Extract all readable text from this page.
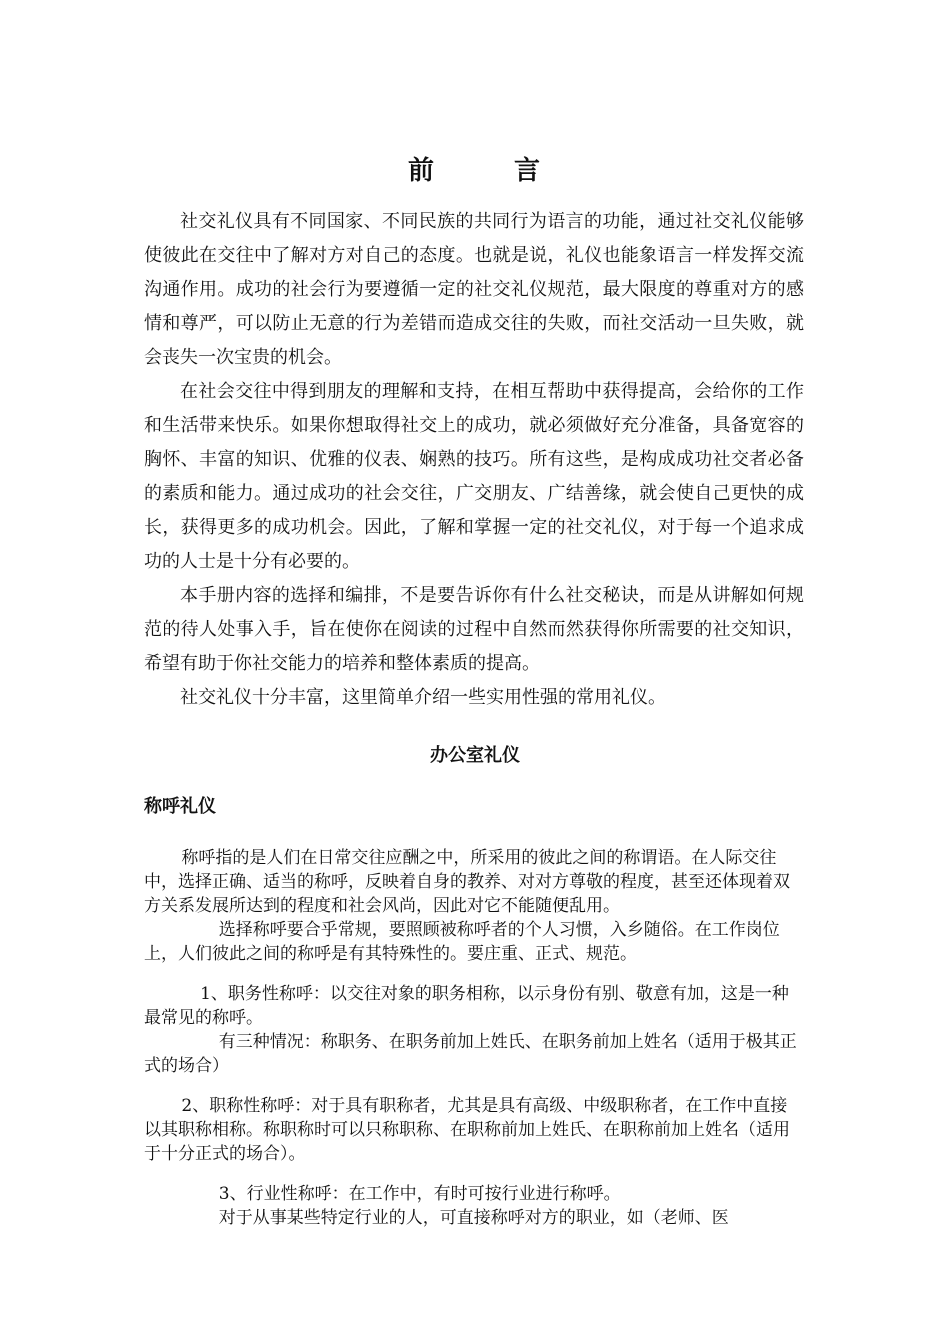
前	言

社交礼仪具有不同国家、不同民族的共同行为语言的功能，通过社交礼仪能够使彼此在交往中了解对方对自己的态度。也就是说，礼仪也能象语言一样发挥交流沟通作用。成功的社会行为要遵循一定的社交礼仪规范，最大限度的尊重对方的感情和尊严，可以防止无意的行为差错而造成交往的失败，而社交活动一旦失败，就会丧失一次宝贵的机会。

在社会交往中得到朋友的理解和支持，在相互帮助中获得提高，会给你的工作和生活带来快乐。如果你想取得社交上的成功，就必须做好充分准备，具备宽容的胸怀、丰富的知识、优雅的仪表、娴熟的技巧。所有这些，是构成成功社交者必备的素质和能力。通过成功的社会交往，广交朋友、广结善缘，就会使自己更快的成长，获得更多的成功机会。因此，了解和掌握一定的社交礼仪，对于每一个追求成功的人士是十分有必要的。

本手册内容的选择和编排，不是要告诉你有什么社交秘诀，而是从讲解如何规范的待人处事入手，旨在使你在阅读的过程中自然而然获得你所需要的社交知识，希望有助于你社交能力的培养和整体素质的提高。

社交礼仪十分丰富，这里简单介绍一些实用性强的常用礼仪。

办公室礼仪
称呼礼仪

称呼指的是人们在日常交往应酬之中，所采用的彼此之间的称谓语。在人际交往中，选择正确、适当的称呼，反映着自身的教养、对对方尊敬的程度，甚至还体现着双方关系发展所达到的程度和社会风尚，因此对它不能随便乱用。

选择称呼要合乎常规，要照顾被称呼者的个人习惯，入乡随俗。在工作岗位上，人们彼此之间的称呼是有其特殊性的。要庄重、正式、规范。

1、职务性称呼：以交往对象的职务相称，以示身份有别、敬意有加，这是一种最常见的称呼。

有三种情况：称职务、在职务前加上姓氏、在职务前加上姓名（适用于极其正式的场合）

2、职称性称呼：对于具有职称者，尤其是具有高级、中级职称者，在工作中直接以其职称相称。称职称时可以只称职称、在职称前加上姓氏、在职称前加上姓名（适用于十分正式的场合）。

3、行业性称呼：在工作中，有时可按行业进行称呼。

对于从事某些特定行业的人，可直接称呼对方的职业，如（老师、医
